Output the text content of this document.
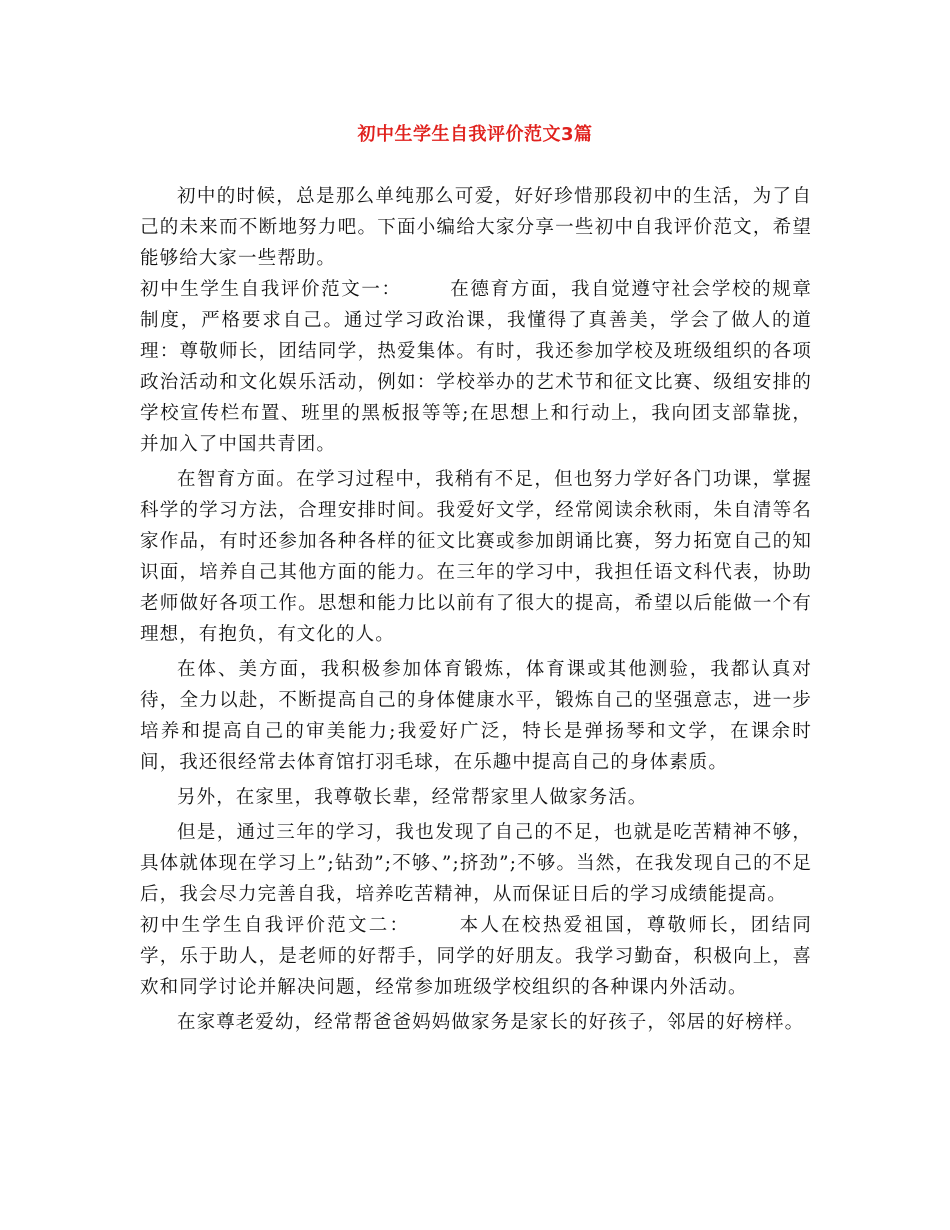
初中生学生自我评价范文3篇

初中的时候，总是那么单纯那么可爱，好好珍惜那段初中的生活，为了自己的未来而不断地努力吧。下面小编给大家分享一些初中自我评价范文，希望能够给大家一些帮助。

初中生学生自我评价范文一：	在德育方面，我自觉遵守社会学校的规章制度，严格要求自己。通过学习政治课，我懂得了真善美，学会了做人的道理：尊敬师长，团结同学，热爱集体。有时，我还参加学校及班级组织的各项政治活动和文化娱乐活动，例如：学校举办的艺术节和征文比赛、级组安排的学校宣传栏布置、班里的黑板报等等;在思想上和行动上，我向团支部靠拢，并加入了中国共青团。

在智育方面。在学习过程中，我稍有不足，但也努力学好各门功课，掌握科学的学习方法，合理安排时间。我爱好文学，经常阅读余秋雨，朱自清等名家作品，有时还参加各种各样的征文比赛或参加朗诵比赛，努力拓宽自己的知识面，培养自己其他方面的能力。在三年的学习中，我担任语文科代表，协助老师做好各项工作。思想和能力比以前有了很大的提高，希望以后能做一个有理想，有抱负，有文化的人。

在体、美方面，我积极参加体育锻炼，体育课或其他测验，我都认真对待，全力以赴，不断提高自己的身体健康水平，锻炼自己的坚强意志，进一步培养和提高自己的审美能力;我爱好广泛，特长是弹扬琴和文学，在课余时间，我还很经常去体育馆打羽毛球，在乐趣中提高自己的身体素质。

另外，在家里，我尊敬长辈，经常帮家里人做家务活。

但是，通过三年的学习，我也发现了自己的不足，也就是吃苦精神不够，具体就体现在学习上”;钻劲”;不够、”;挤劲”;不够。当然，在我发现自己的不足后，我会尽力完善自我，培养吃苦精神，从而保证日后的学习成绩能提高。

初中生学生自我评价范文二：	本人在校热爱祖国，尊敬师长，团结同学，乐于助人，是老师的好帮手，同学的好朋友。我学习勤奋，积极向上，喜欢和同学讨论并解决问题，经常参加班级学校组织的各种课内外活动。

在家尊老爱幼，经常帮爸爸妈妈做家务是家长的好孩子，邻居的好榜样。
